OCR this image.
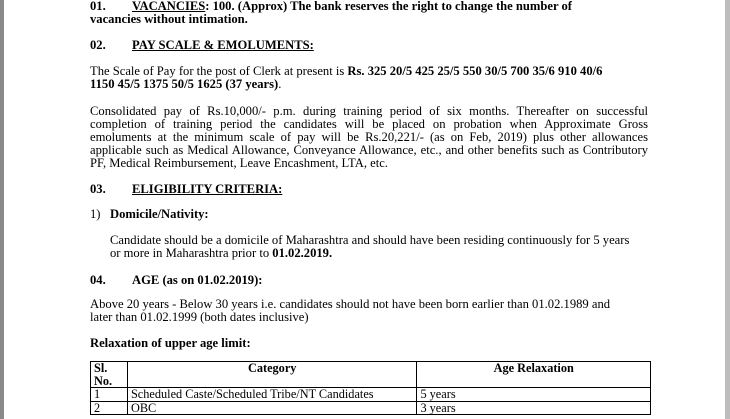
01. VACANCIES: 100. (Approx) The bank reserves the right to change the number of
vacancies without intimation.
02. PAY SCALE & EMOLUMENTS:
The Scale of Pay for the post of Clerk at present is Rs. 325 20/5 425 25/5 550 30/5 700 35/6 910 40/6
1150 45/5 1375 50/5 1625 (37 years).
Consolidated pay of Rs.10,000/- p.m. during training period of six months. Thereafter on successful completion of training period the candidates will be placed on probation when Approximate Gross emoluments at the minimum scale of pay will be Rs.20,221/- (as on Feb, 2019) plus other allowances applicable such as Medical Allowance, Conveyance Allowance, etc., and other benefits such as Contributory PF, Medical Reimbursement, Leave Encashment, LTA, etc.
03. ELIGIBILITY CRITERIA:
1) Domicile/Nativity:
Candidate should be a domicile of Maharashtra and should have been residing continuously for 5 years
or more in Maharashtra prior to 01.02.2019.
04. AGE (as on 01.02.2019):
Above 20 years - Below 30 years i.e. candidates should not have been born earlier than 01.02.1989 and
later than 01.02.1999 (both dates inclusive)
Relaxation of upper age limit:
Sl.
No.	Category	Age Relaxation
1	Scheduled Caste/Scheduled Tribe/NT Candidates	5 years
2	OBC	3 years
